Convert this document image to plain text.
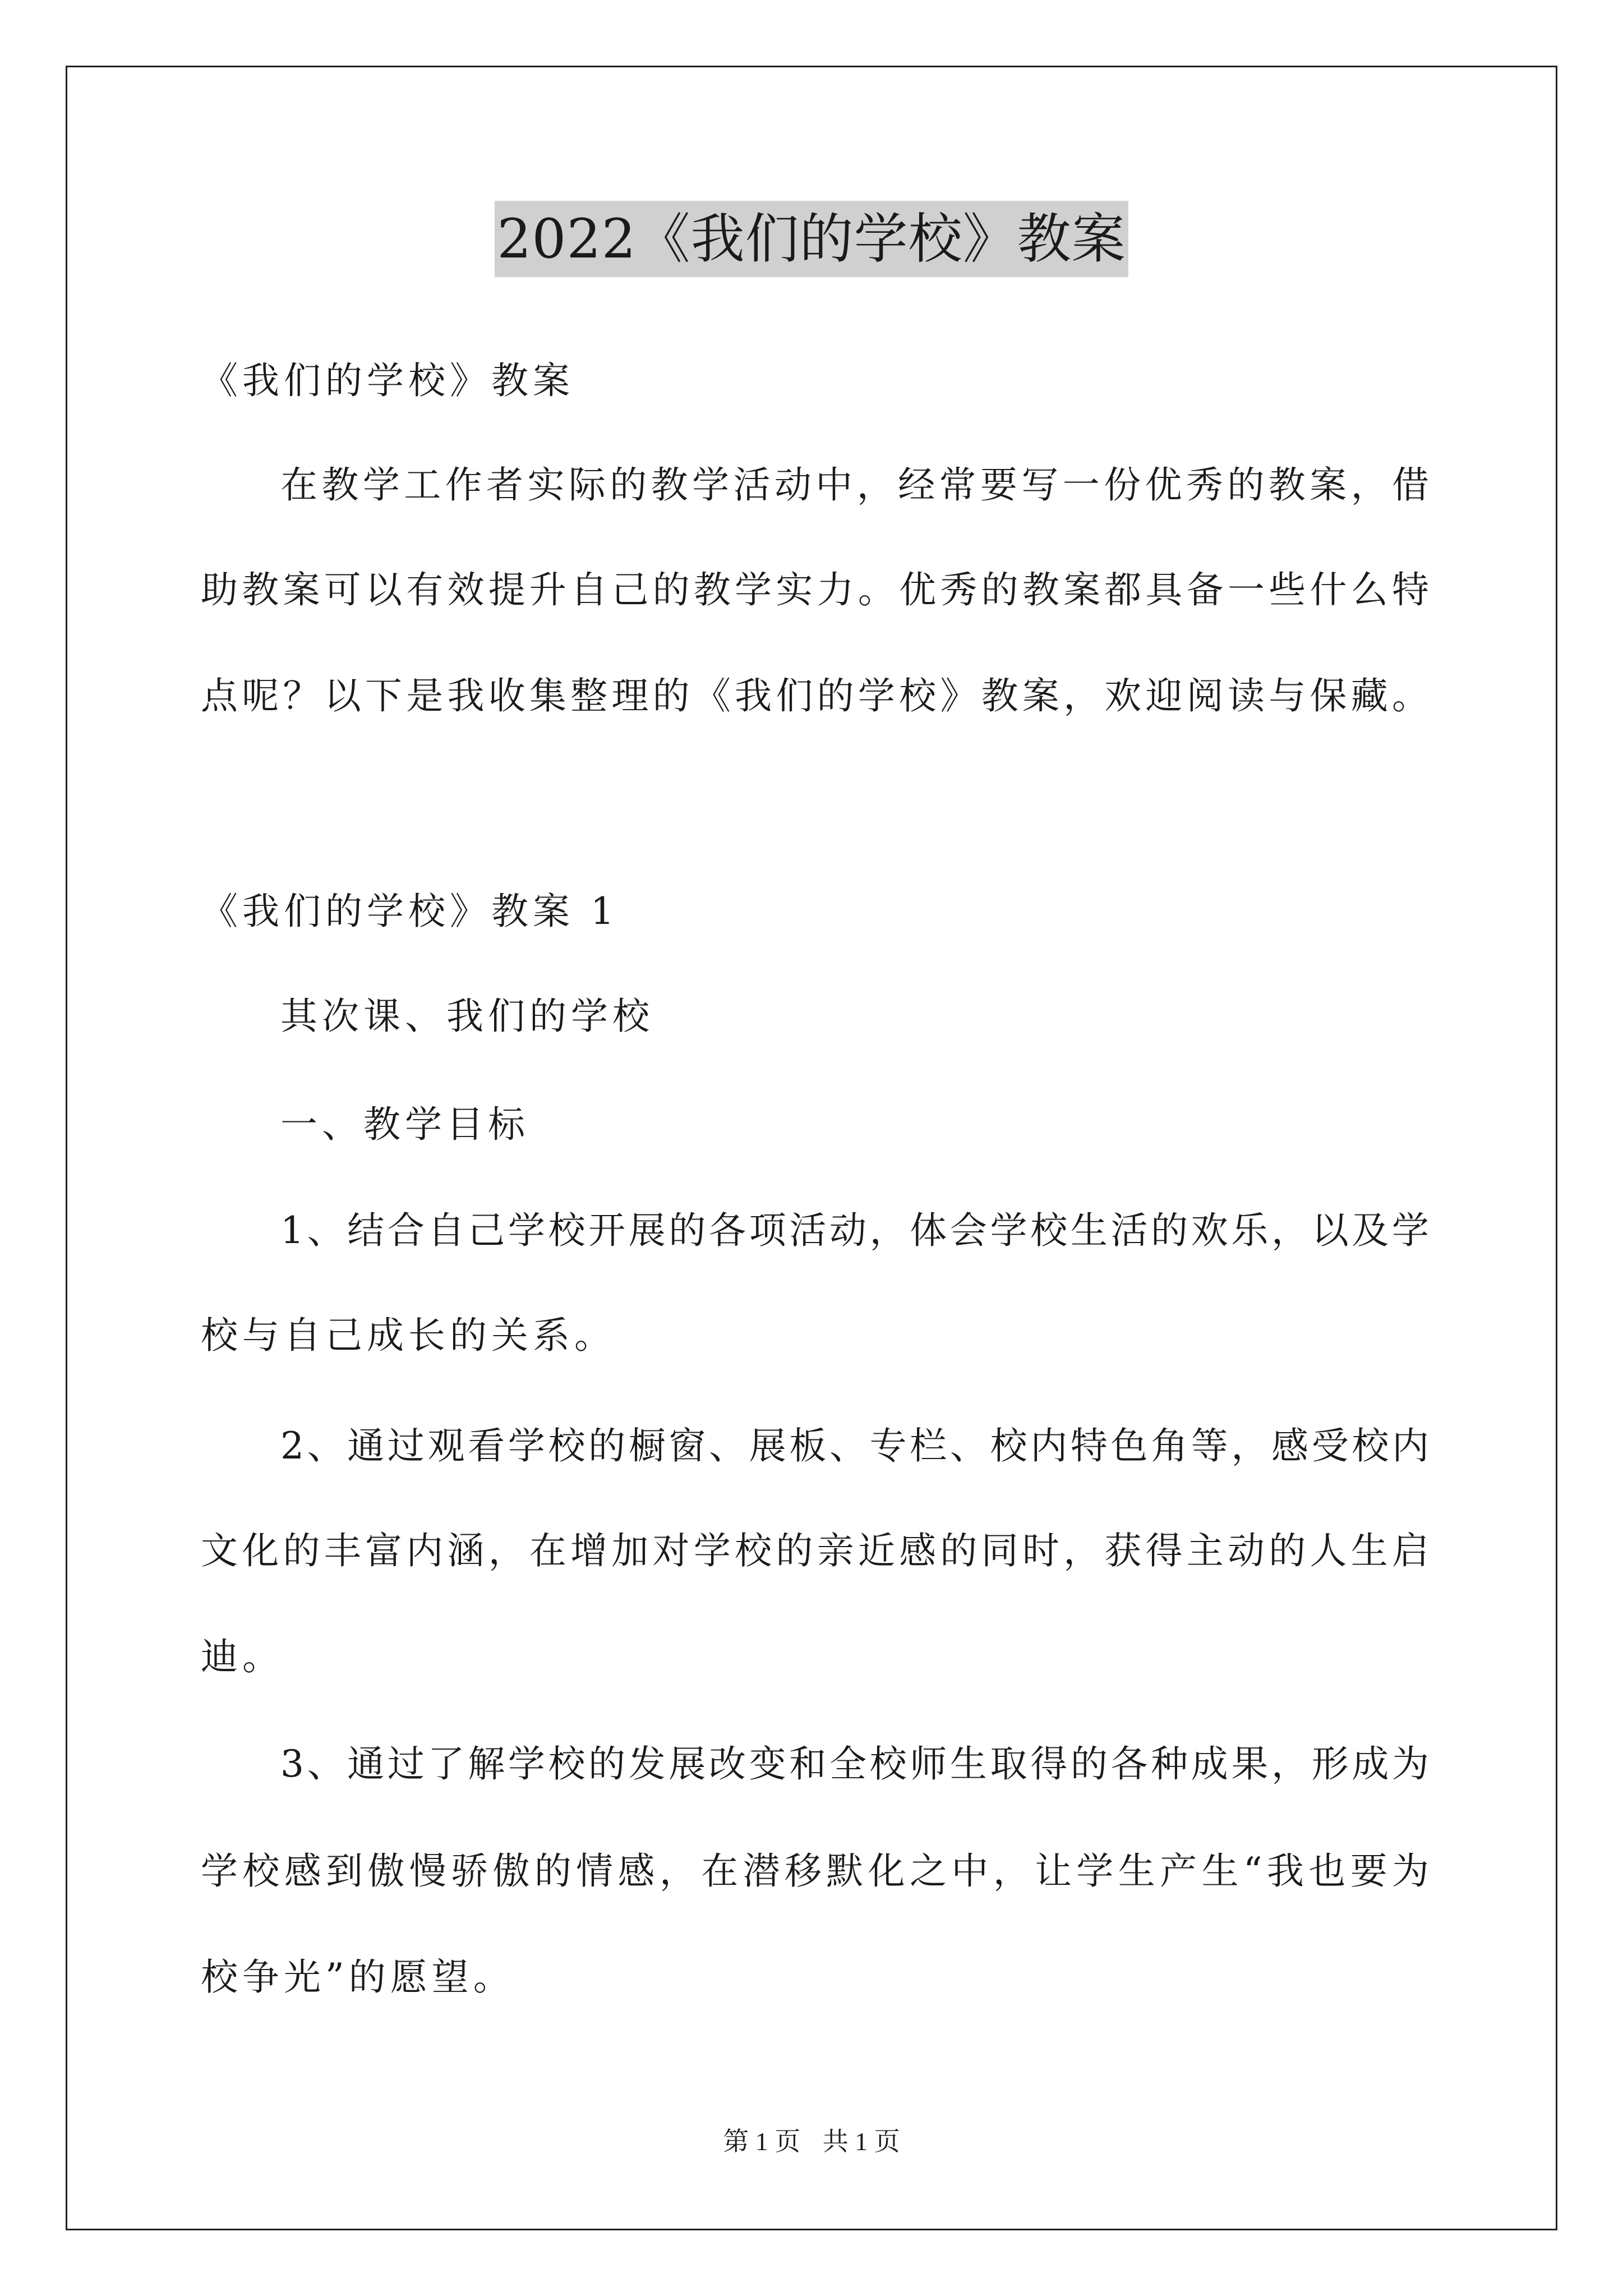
2022《我们的学校》教案
《我们的学校》教案
在教学工作者实际的教学活动中，经常要写一份优秀的教案，借
助教案可以有效提升自己的教学实力。优秀的教案都具备一些什么特
点呢？以下是我收集整理的《我们的学校》教案，欢迎阅读与保藏。
《我们的学校》教案 1
其次课、我们的学校
一、教学目标
1、结合自己学校开展的各项活动，体会学校生活的欢乐，以及学
校与自己成长的关系。
2、通过观看学校的橱窗、展板、专栏、校内特色角等，感受校内
文化的丰富内涵，在增加对学校的亲近感的同时，获得主动的人生启
迪。
3、通过了解学校的发展改变和全校师生取得的各种成果，形成为
学校感到傲慢骄傲的情感，在潜移默化之中，让学生产生“我也要为
校争光”的愿望。
第 1 页 共 1 页
